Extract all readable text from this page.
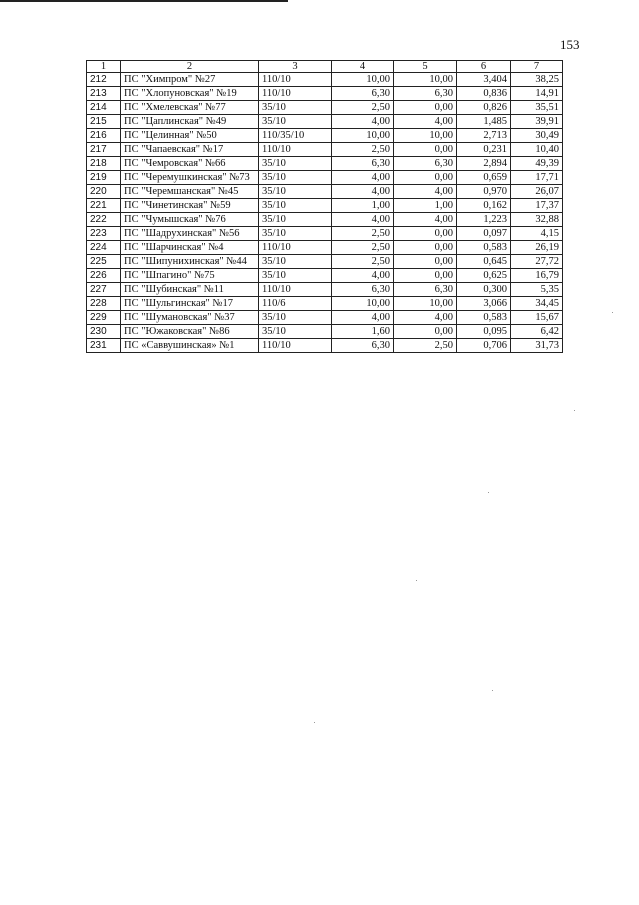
153
1	2	3	4	5	6	7
212	ПС "Химпром" №27	110/10	10,00	10,00	3,404	38,25
213	ПС "Хлопуновская" №19	110/10	6,30	6,30	0,836	14,91
214	ПС "Хмелевская" №77	35/10	2,50	0,00	0,826	35,51
215	ПС "Цаплинская" №49	35/10	4,00	4,00	1,485	39,91
216	ПС "Целинная" №50	110/35/10	10,00	10,00	2,713	30,49
217	ПС "Чапаевская" №17	110/10	2,50	0,00	0,231	10,40
218	ПС "Чемровская" №66	35/10	6,30	6,30	2,894	49,39
219	ПС "Черемушкинская" №73	35/10	4,00	0,00	0,659	17,71
220	ПС "Черемшанская" №45	35/10	4,00	4,00	0,970	26,07
221	ПС "Чинетинская" №59	35/10	1,00	1,00	0,162	17,37
222	ПС "Чумышская" №76	35/10	4,00	4,00	1,223	32,88
223	ПС "Шадрухинская" №56	35/10	2,50	0,00	0,097	4,15
224	ПС "Шарчинская" №4	110/10	2,50	0,00	0,583	26,19
225	ПС "Шипунихинская" №44	35/10	2,50	0,00	0,645	27,72
226	ПС "Шпагино" №75	35/10	4,00	0,00	0,625	16,79
227	ПС "Шубинская" №11	110/10	6,30	6,30	0,300	5,35
228	ПС "Шульгинская" №17	110/6	10,00	10,00	3,066	34,45
229	ПС "Шумановская" №37	35/10	4,00	4,00	0,583	15,67
230	ПС "Южаковская" №86	35/10	1,60	0,00	0,095	6,42
231	ПС «Саввушинская» №1	110/10	6,30	2,50	0,706	31,73
